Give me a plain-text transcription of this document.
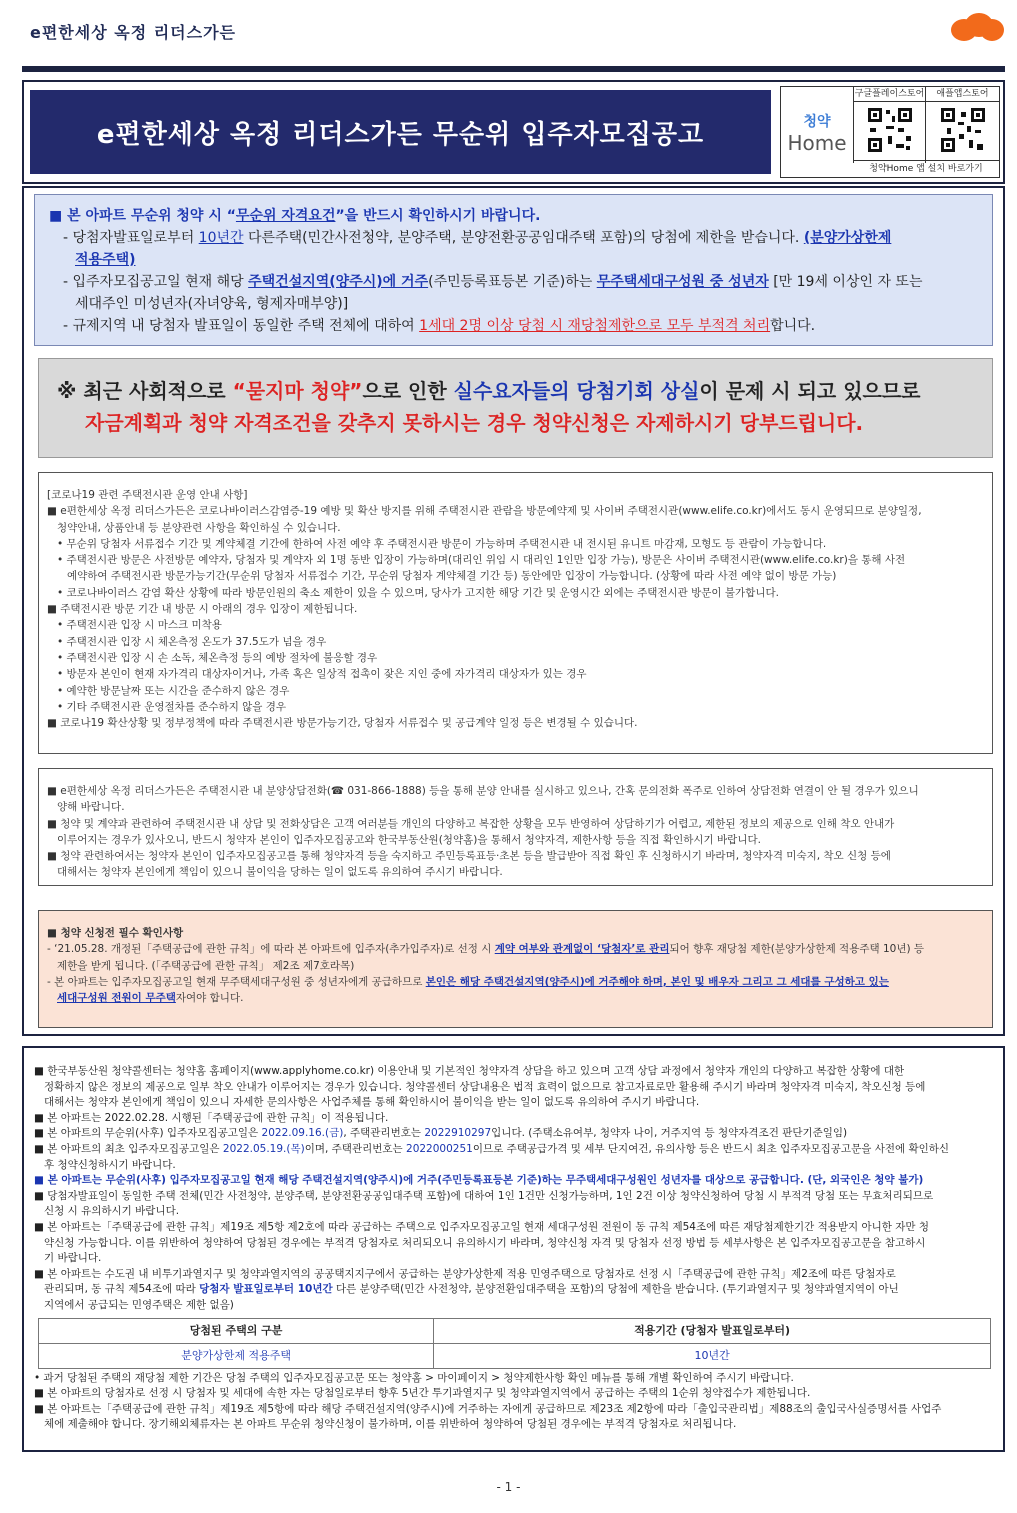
e편한세상 옥정 리더스가든
e편한세상 옥정 리더스가든 무순위 입주자모집공고	청약
Home
구글플레이스토어	애플앱스토어
청약Home 앱 설치 바로가기

■ 본 아파트 무순위 청약 시 “무순위 자격요건”을 반드시 확인하시기 바랍니다.

- 당첨자발표일로부터 10년간 다른주택(민간사전청약, 분양주택, 분양전환공공임대주택 포함)의 당첨에 제한을 받습니다. (분양가상한제

적용주택)

- 입주자모집공고일 현재 해당 주택건설지역(양주시)에 거주(주민등록표등본 기준)하는 무주택세대구성원 중 성년자 [만 19세 이상인 자 또는

세대주인 미성년자(자녀양육, 형제자매부양)]

- 규제지역 내 당첨자 발표일이 동일한 주택 전체에 대하여 1세대 2명 이상 당첨 시 재당첨제한으로 모두 부적격 처리합니다.

※ 최근 사회적으로 “묻지마 청약”으로 인한 실수요자들의 당첨기회 상실이 문제 시 되고 있으므로
자금계획과 청약 자격조건을 갖추지 못하시는 경우 청약신청은 자제하시기 당부드립니다.

[코로나19 관련 주택전시관 운영 안내 사항]

■ e편한세상 옥정 리더스가든은 코로나바이러스감염증-19 예방 및 확산 방지를 위해 주택전시관 관람을 방문예약제 및 사이버 주택전시관(www.elife.co.kr)에서도 동시 운영되므로 분양일정,

청약안내, 상품안내 등 분양관련 사항을 확인하실 수 있습니다.

• 무순위 당첨자 서류접수 기간 및 계약체결 기간에 한하여 사전 예약 후 주택전시관 방문이 가능하며 주택전시관 내 전시된 유니트 마감재, 모형도 등 관람이 가능합니다.

• 주택전시관 방문은 사전방문 예약자, 당첨자 및 계약자 외 1명 동반 입장이 가능하며(대리인 위임 시 대리인 1인만 입장 가능), 방문은 사이버 주택전시관(www.elife.co.kr)을 통해 사전

예약하여 주택전시관 방문가능기간(무순위 당첨자 서류접수 기간, 무순위 당첨자 계약체결 기간 등) 동안에만 입장이 가능합니다. (상황에 따라 사전 예약 없이 방문 가능)

• 코로나바이러스 감염 확산 상황에 따라 방문인원의 축소 제한이 있을 수 있으며, 당사가 고지한 해당 기간 및 운영시간 외에는 주택전시관 방문이 불가합니다.

■ 주택전시관 방문 기간 내 방문 시 아래의 경우 입장이 제한됩니다.

• 주택전시관 입장 시 마스크 미착용

• 주택전시관 입장 시 체온측정 온도가 37.5도가 넘을 경우

• 주택전시관 입장 시 손 소독, 체온측정 등의 예방 절차에 불응할 경우

• 방문자 본인이 현재 자가격리 대상자이거나, 가족 혹은 일상적 접촉이 잦은 지인 중에 자가격리 대상자가 있는 경우

• 예약한 방문날짜 또는 시간을 준수하지 않은 경우

• 기타 주택전시관 운영절차를 준수하지 않을 경우

■ 코로나19 확산상황 및 정부정책에 따라 주택전시관 방문가능기간, 당첨자 서류접수 및 공급계약 일정 등은 변경될 수 있습니다.

■ e편한세상 옥정 리더스가든은 주택전시관 내 분양상담전화(☎ 031-866-1888) 등을 통해 분양 안내를 실시하고 있으나, 간혹 문의전화 폭주로 인하여 상담전화 연결이 안 될 경우가 있으니

양해 바랍니다.

■ 청약 및 계약과 관련하여 주택전시관 내 상담 및 전화상담은 고객 여러분들 개인의 다양하고 복잡한 상황을 모두 반영하여 상담하기가 어렵고, 제한된 정보의 제공으로 인해 착오 안내가

이루어지는 경우가 있사오니, 반드시 청약자 본인이 입주자모집공고와 한국부동산원(청약홈)을 통해서 청약자격, 제한사항 등을 직접 확인하시기 바랍니다.

■ 청약 관련하여서는 청약자 본인이 입주자모집공고를 통해 청약자격 등을 숙지하고 주민등록표등·초본 등을 발급받아 직접 확인 후 신청하시기 바라며, 청약자격 미숙지, 착오 신청 등에

대해서는 청약자 본인에게 책임이 있으니 불이익을 당하는 일이 없도록 유의하여 주시기 바랍니다.

■ 청약 신청전 필수 확인사항

- ‘21.05.28. 개정된「주택공급에 관한 규칙」에 따라 본 아파트에 입주자(추가입주자)로 선정 시 계약 여부와 관계없이 ‘당첨자’로 관리되어 향후 재당첨 제한(분양가상한제 적용주택 10년) 등

제한을 받게 됩니다. (「주택공급에 관한 규칙」 제2조 제7호라목)

- 본 아파트는 입주자모집공고일 현재 무주택세대구성원 중 성년자에게 공급하므로 본인은 해당 주택건설지역(양주시)에 거주해야 하며, 본인 및 배우자 그리고 그 세대를 구성하고 있는

세대구성원 전원이 무주택자여야 합니다.

■ 한국부동산원 청약콜센터는 청약홈 홈페이지(www.applyhome.co.kr) 이용안내 및 기본적인 청약자격 상담을 하고 있으며 고객 상담 과정에서 청약자 개인의 다양하고 복잡한 상황에 대한

정확하지 않은 정보의 제공으로 일부 착오 안내가 이루어지는 경우가 있습니다. 청약콜센터 상담내용은 법적 효력이 없으므로 참고자료로만 활용해 주시기 바라며 청약자격 미숙지, 착오신청 등에

대해서는 청약자 본인에게 책임이 있으니 자세한 문의사항은 사업주체를 통해 확인하시어 불이익을 받는 일이 없도록 유의하여 주시기 바랍니다.

■ 본 아파트는 2022.02.28. 시행된「주택공급에 관한 규칙」이 적용됩니다.

■ 본 아파트의 무순위(사후) 입주자모집공고일은 2022.09.16.(금), 주택관리번호는 2022910297입니다. (주택소유여부, 청약자 나이, 거주지역 등 청약자격조건 판단기준일임)

■ 본 아파트의 최초 입주자모집공고일은 2022.05.19.(목)이며, 주택관리번호는 2022000251이므로 주택공급가격 및 세부 단지여건, 유의사항 등은 반드시 최초 입주자모집공고문을 사전에 확인하신

후 청약신청하시기 바랍니다.

■ 본 아파트는 무순위(사후) 입주자모집공고일 현재 해당 주택건설지역(양주시)에 거주(주민등록표등본 기준)하는 무주택세대구성원인 성년자를 대상으로 공급합니다. (단, 외국인은 청약 불가)

■ 당첨자발표일이 동일한 주택 전체(민간 사전청약, 분양주택, 분양전환공공임대주택 포함)에 대하여 1인 1건만 신청가능하며, 1인 2건 이상 청약신청하여 당첨 시 부적격 당첨 또는 무효처리되므로

신청 시 유의하시기 바랍니다.

■ 본 아파트는「주택공급에 관한 규칙」제19조 제5항 제2호에 따라 공급하는 주택으로 입주자모집공고일 현재 세대구성원 전원이 동 규칙 제54조에 따른 재당첨제한기간 적용받지 아니한 자만 청

약신청 가능합니다. 이를 위반하여 청약하여 당첨된 경우에는 부적격 당첨자로 처리되오니 유의하시기 바라며, 청약신청 자격 및 당첨자 선정 방법 등 세부사항은 본 입주자모집공고문을 참고하시

기 바랍니다.

■ 본 아파트는 수도권 내 비투기과열지구 및 청약과열지역의 공공택지지구에서 공급하는 분양가상한제 적용 민영주택으로 당첨자로 선정 시「주택공급에 관한 규칙」제2조에 따른 당첨자로

관리되며, 동 규칙 제54조에 따라 당첨자 발표일로부터 10년간 다른 분양주택(민간 사전청약, 분양전환임대주택을 포함)의 당첨에 제한을 받습니다. (투기과열지구 및 청약과열지역이 아닌

지역에서 공급되는 민영주택은 제한 없음)

당첨된 주택의 구분	적용기간 (당첨자 발표일로부터)
분양가상한제 적용주택	10년간

• 과거 당첨된 주택의 재당첨 제한 기간은 당첨 주택의 입주자모집공고문 또는 청약홈 > 마이페이지 > 청약제한사항 확인 메뉴를 통해 개별 확인하여 주시기 바랍니다.

■ 본 아파트의 당첨자로 선정 시 당첨자 및 세대에 속한 자는 당첨일로부터 향후 5년간 투기과열지구 및 청약과열지역에서 공급하는 주택의 1순위 청약접수가 제한됩니다.

■ 본 아파트는「주택공급에 관한 규칙」제19조 제5항에 따라 해당 주택건설지역(양주시)에 거주하는 자에게 공급하므로 제23조 제2항에 따라「출입국관리법」제88조의 출입국사실증명서를 사업주

체에 제출해야 합니다. 장기해외체류자는 본 아파트 무순위 청약신청이 불가하며, 이를 위반하여 청약하여 당첨된 경우에는 부적격 당첨자로 처리됩니다.

- 1 -
